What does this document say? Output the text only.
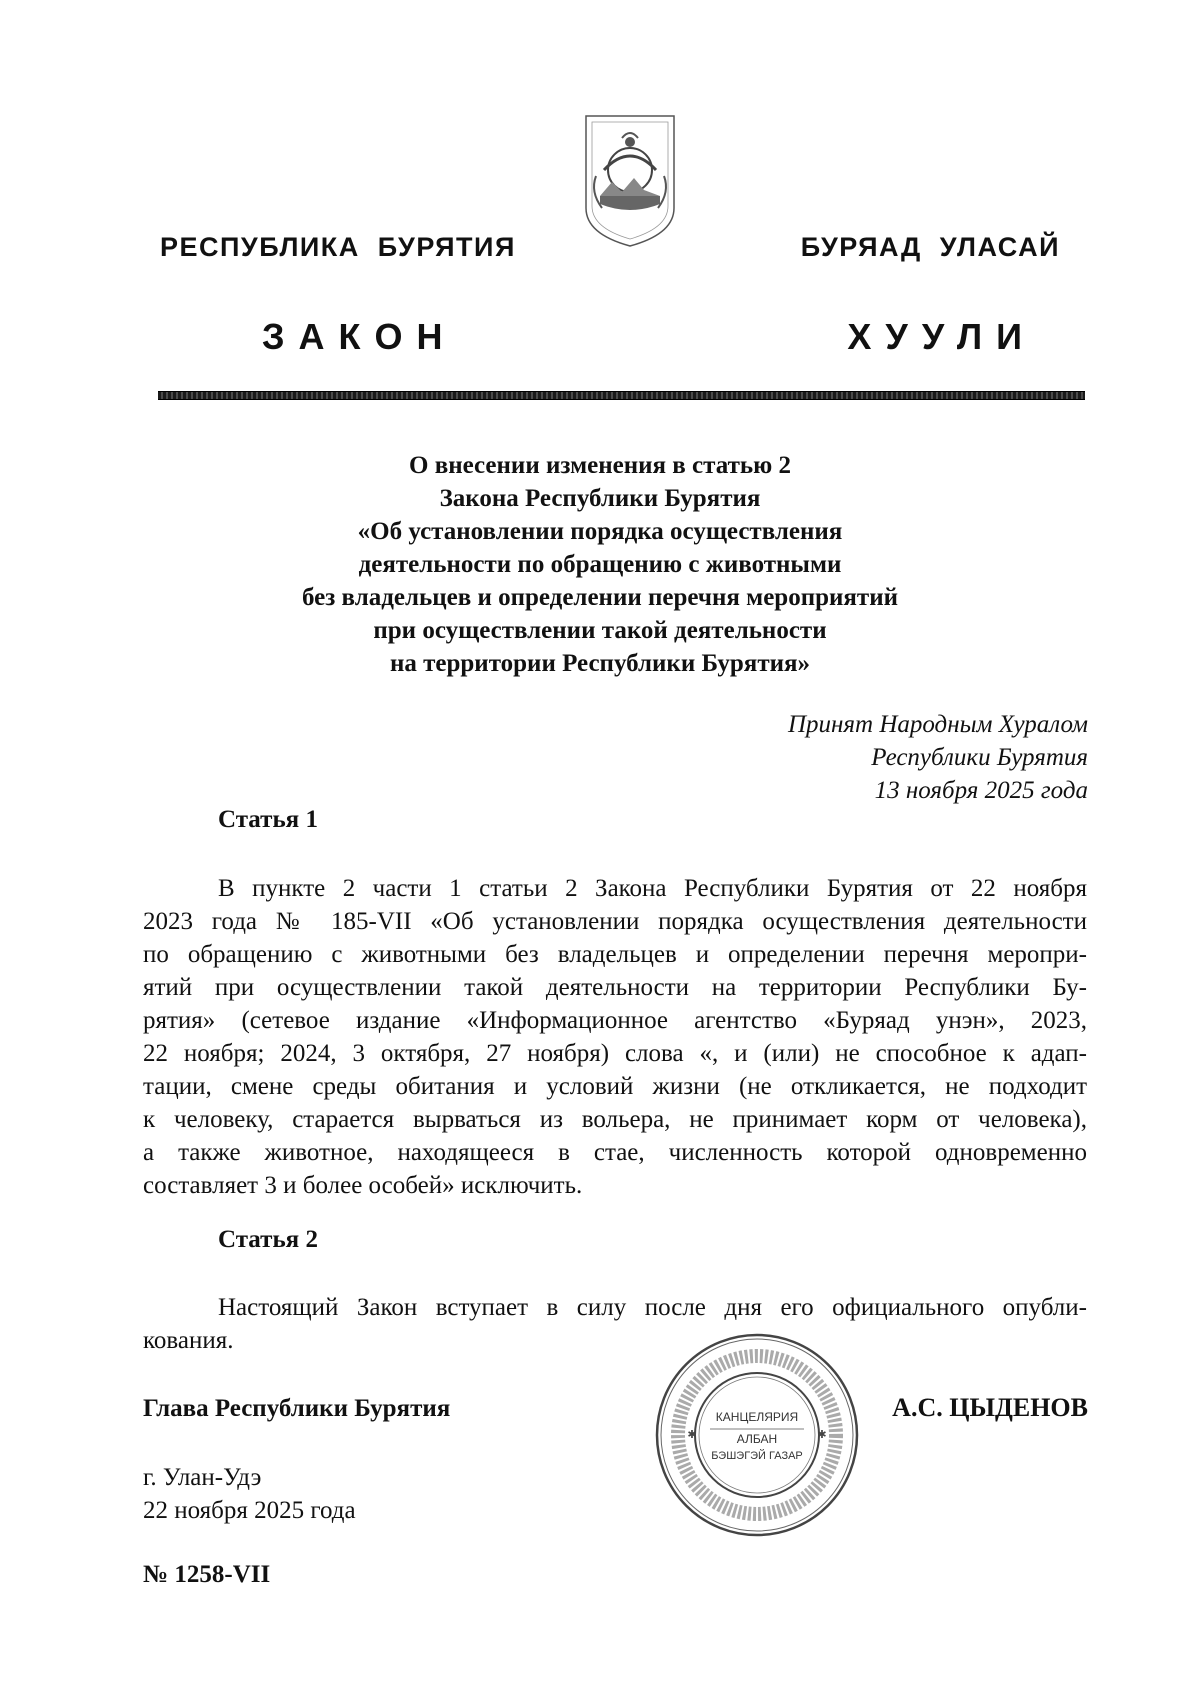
РЕСПУБЛИКА  БУРЯТИЯ	БУРЯАД  УЛАСАЙ
ЗАКОН	ХУУЛИ
О внесении изменения в статью 2
Закона Республики Бурятия
«Об установлении порядка осуществления
деятельности по обращению с животными
без владельцев и определении перечня мероприятий
при осуществлении такой деятельности
на территории Республики Бурятия»
Принят Народным Хуралом
Республики Бурятия
13 ноября 2025 года
Статья 1
В пункте 2 части 1 статьи 2 Закона Республики Бурятия от 22 ноября
2023 года № 185-VII «Об установлении порядка осуществления деятельности
по обращению с животными без владельцев и определении перечня меропри-
ятий при осуществлении такой деятельности на территории Республики Бу-
рятия» (сетевое издание «Информационное агентство «Буряад унэн», 2023,
22 ноября; 2024, 3 октября, 27 ноября) слова «, и (или) не способное к адап-
тации, смене среды обитания и условий жизни (не откликается, не подходит
к человеку, старается вырваться из вольера, не принимает корм от человека),
а также животное, находящееся в стае, численность которой одновременно
составляет 3 и более особей» исключить.
Статья 2
Настоящий Закон вступает в силу после дня его официального опубли-
кования.
Глава Республики Бурятия	А.С. ЦЫДЕНОВ
КАНЦЕЛЯРИЯ
АЛБАН
БЭШЭГЭЙ ГАЗАР
✱	✱
г. Улан-Удэ
22 ноября 2025 года
№ 1258-VII
